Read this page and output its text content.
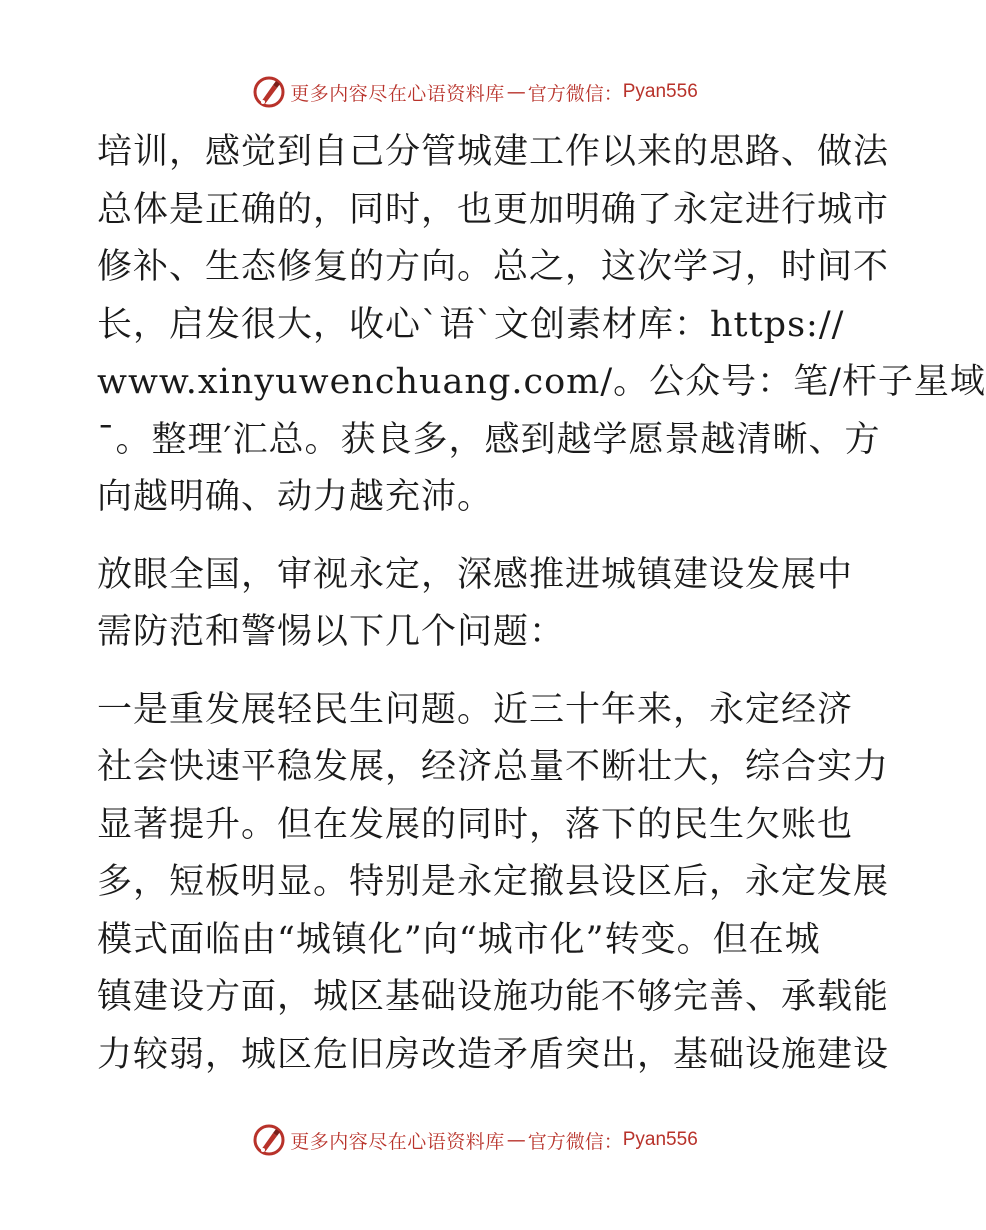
更多内容尽在心语资料库 — 官方微信： Pyan556
培训，感觉到自己分管城建工作以来的思路、做法
总体是正确的，同时，也更加明确了永定进行城市
修补、生态修复的方向。总之，这次学习，时间不
长，启发很大，收心ˋ语ˋ文创素材库：https://
www.xinyuwenchuang.com/。公众号：笔/杆子星域
¯。整理′汇总。获良多，感到越学愿景越清晰、方
向越明确、动力越充沛。
放眼全国，审视永定，深感推进城镇建设发展中
需防范和警惕以下几个问题：
一是重发展轻民生问题。近三十年来，永定经济
社会快速平稳发展，经济总量不断壮大，综合实力
显著提升。但在发展的同时，落下的民生欠账也
多，短板明显。特别是永定撤县设区后，永定发展
模式面临由“城镇化”向“城市化”转变。但在城
镇建设方面，城区基础设施功能不够完善、承载能
力较弱，城区危旧房改造矛盾突出，基础设施建设
更多内容尽在心语资料库 — 官方微信： Pyan556
